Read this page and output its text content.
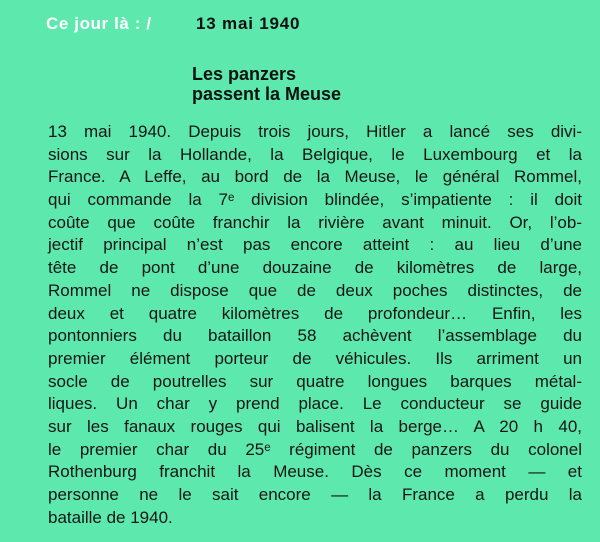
Ce jour là : /	13 mai 1940
Les panzers
passent la Meuse
13 mai 1940. Depuis trois jours, Hitler a lancé ses divi-
sions sur la Hollande, la Belgique, le Luxembourg et la
France. A Leffe, au bord de la Meuse, le général Rommel,
qui commande la 7ᵉ division blindée, s’impatiente : il doit
coûte que coûte franchir la rivière avant minuit. Or, l’ob-
jectif principal n’est pas encore atteint : au lieu d’une
tête de pont d’une douzaine de kilomètres de large,
Rommel ne dispose que de deux poches distinctes, de
deux et quatre kilomètres de profondeur… Enfin, les
pontonniers du bataillon 58 achèvent l’assemblage du
premier élément porteur de véhicules. Ils arriment un
socle de poutrelles sur quatre longues barques métal-
liques. Un char y prend place. Le conducteur se guide
sur les fanaux rouges qui balisent la berge… A 20 h 40,
le premier char du 25ᵉ régiment de panzers du colonel
Rothenburg franchit la Meuse. Dès ce moment — et
personne ne le sait encore — la France a perdu la
bataille de 1940.
